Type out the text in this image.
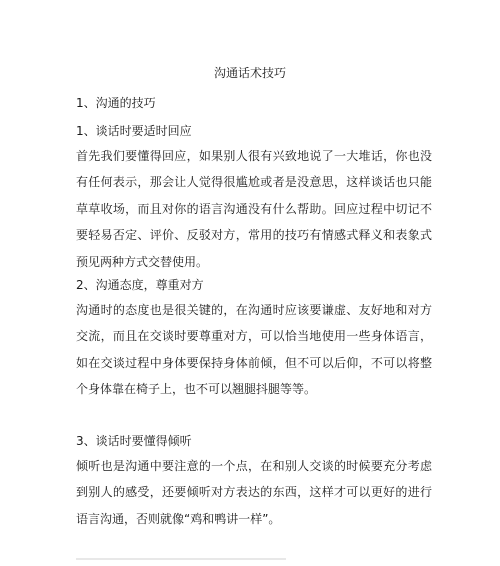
沟通话术技巧
1、沟通的技巧
1、谈话时要适时回应

首先我们要懂得回应，如果别人很有兴致地说了一大堆话，你也没有任何表示，那会让人觉得很尴尬或者是没意思，这样谈话也只能草草收场，而且对你的语言沟通没有什么帮助。回应过程中切记不要轻易否定、评价、反驳对方，常用的技巧有情感式释义和表象式预见两种方式交替使用。

2、沟通态度，尊重对方

沟通时的态度也是很关键的，在沟通时应该要谦虚、友好地和对方交流，而且在交谈时要尊重对方，可以恰当地使用一些身体语言，如在交谈过程中身体要保持身体前倾，但不可以后仰，不可以将整个身体靠在椅子上，也不可以翘腿抖腿等等。

3、谈话时要懂得倾听

倾听也是沟通中要注意的一个点，在和别人交谈的时候要充分考虑到别人的感受，还要倾听对方表达的东西，这样才可以更好的进行语言沟通，否则就像“鸡和鸭讲一样”。
